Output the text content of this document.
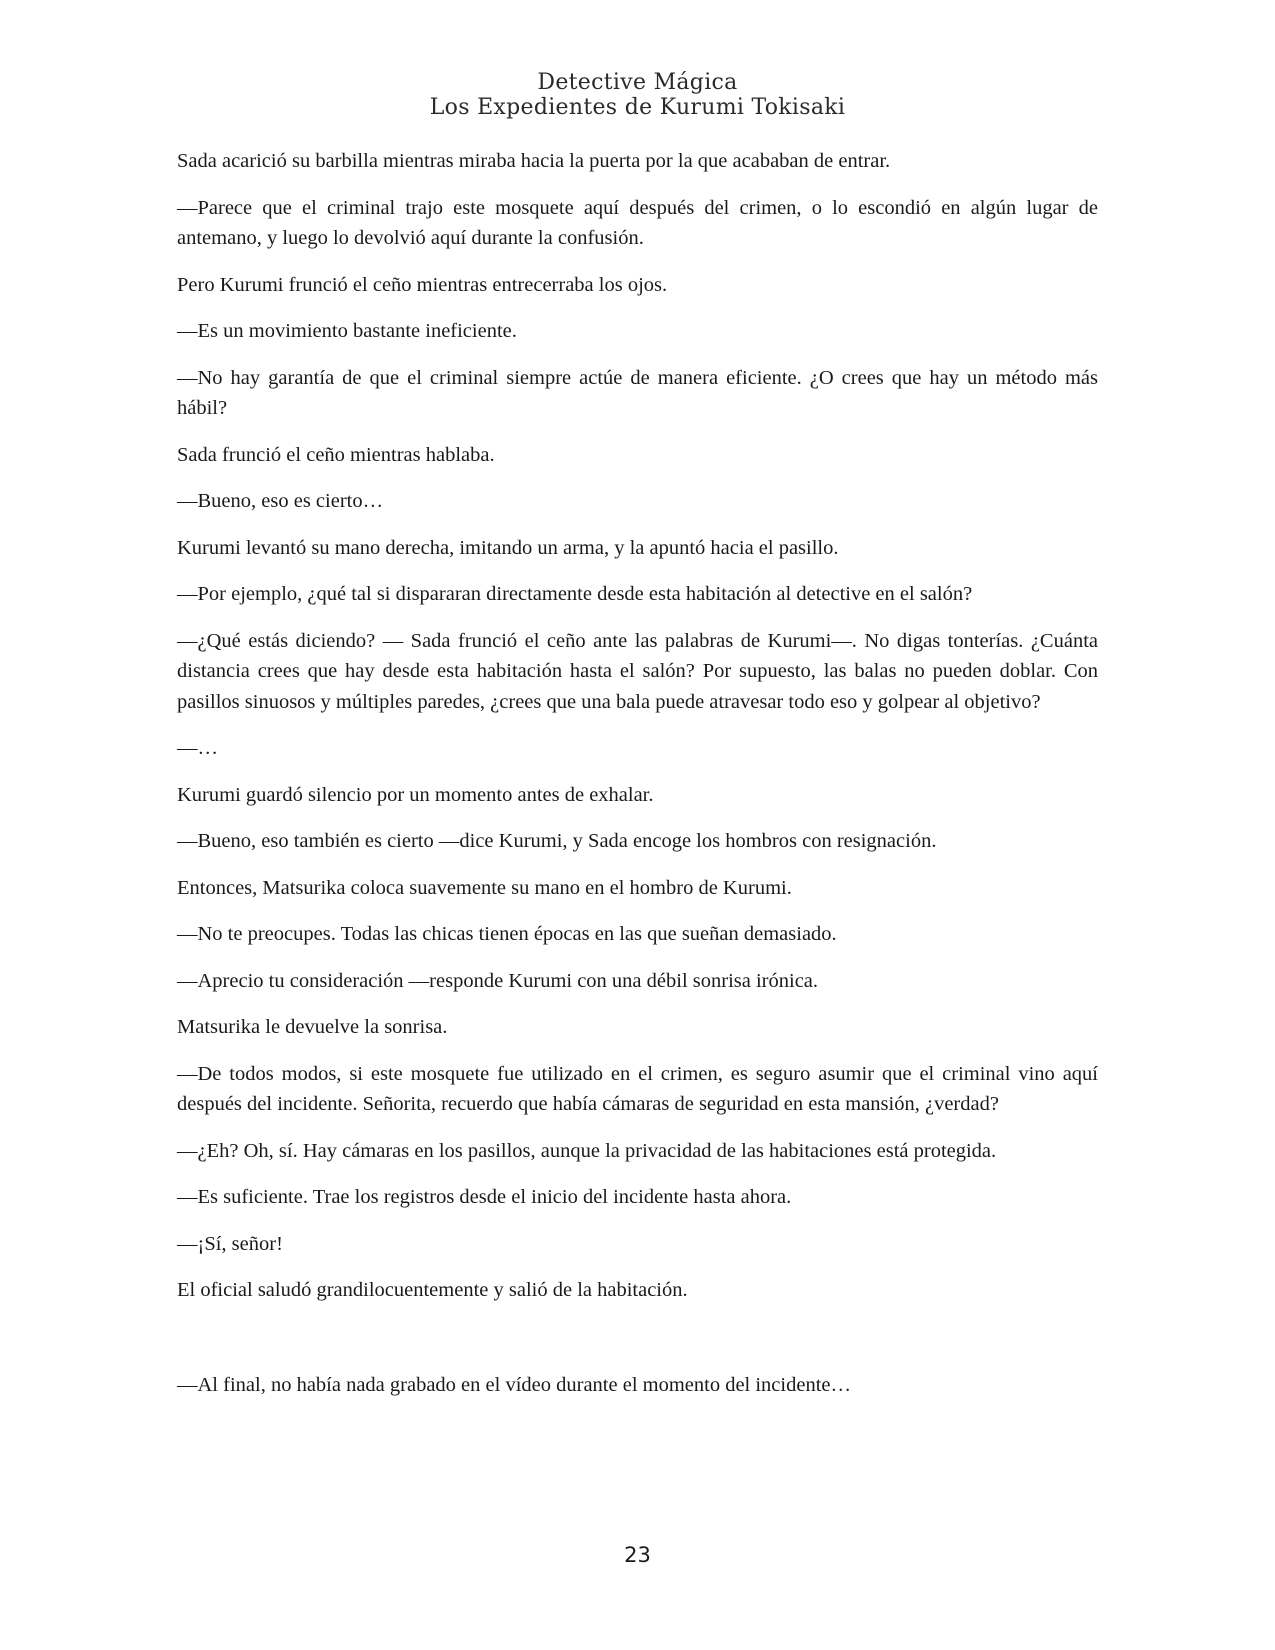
Detective Mágica
Los Expedientes de Kurumi Tokisaki

Sada acarició su barbilla mientras miraba hacia la puerta por la que acababan de entrar.

—Parece que el criminal trajo este mosquete aquí después del crimen, o lo escondió en algún lugar de antemano, y luego lo devolvió aquí durante la confusión.

Pero Kurumi frunció el ceño mientras entrecerraba los ojos.

—Es un movimiento bastante ineficiente.

—No hay garantía de que el criminal siempre actúe de manera eficiente. ¿O crees que hay un método más hábil?

Sada frunció el ceño mientras hablaba.

—Bueno, eso es cierto…

Kurumi levantó su mano derecha, imitando un arma, y la apuntó hacia el pasillo.

—Por ejemplo, ¿qué tal si dispararan directamente desde esta habitación al detective en el salón?

—¿Qué estás diciendo? — Sada frunció el ceño ante las palabras de Kurumi—. No digas tonterías. ¿Cuánta distancia crees que hay desde esta habitación hasta el salón? Por supuesto, las balas no pueden doblar. Con pasillos sinuosos y múltiples paredes, ¿crees que una bala puede atravesar todo eso y golpear al objetivo?

—…

Kurumi guardó silencio por un momento antes de exhalar.

—Bueno, eso también es cierto —dice Kurumi, y Sada encoge los hombros con resignación.

Entonces, Matsurika coloca suavemente su mano en el hombro de Kurumi.

—No te preocupes. Todas las chicas tienen épocas en las que sueñan demasiado.

—Aprecio tu consideración —responde Kurumi con una débil sonrisa irónica.

Matsurika le devuelve la sonrisa.

—De todos modos, si este mosquete fue utilizado en el crimen, es seguro asumir que el criminal vino aquí después del incidente. Señorita, recuerdo que había cámaras de seguridad en esta mansión, ¿verdad?

—¿Eh? Oh, sí. Hay cámaras en los pasillos, aunque la privacidad de las habitaciones está protegida.

—Es suficiente. Trae los registros desde el inicio del incidente hasta ahora.

—¡Sí, señor!

El oficial saludó grandilocuentemente y salió de la habitación.

—Al final, no había nada grabado en el vídeo durante el momento del incidente…

23
